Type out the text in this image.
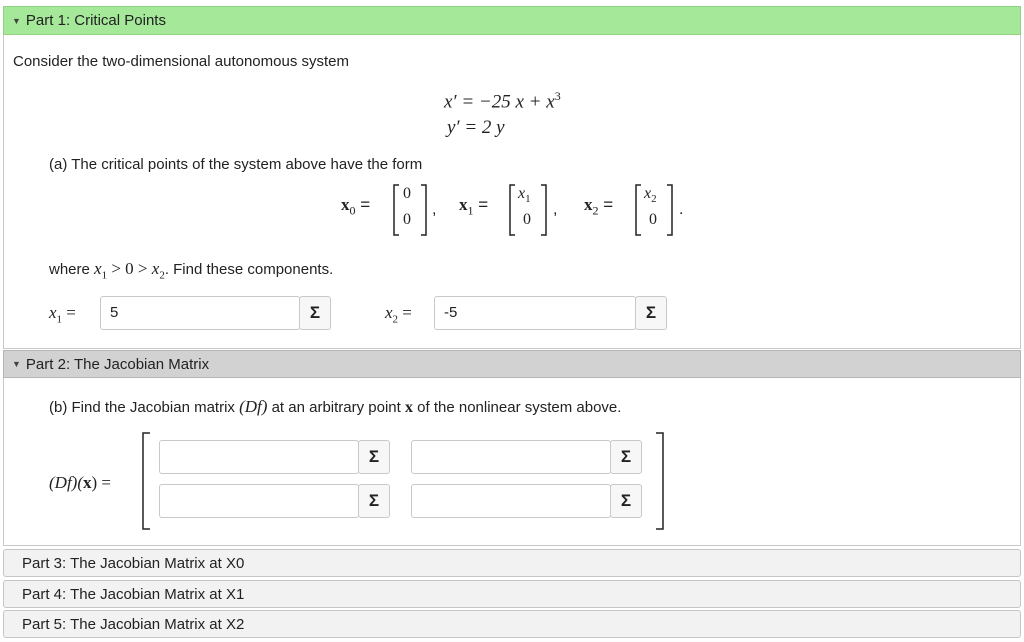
▼ Part 1: Critical Points
Consider the two-dimensional autonomous system
x′ = −25 $x + x^3$
y′ = 2 y
(a) The critical points of the system above have the form
$x_0$ =
0
0
, $x_1$ =
$x_1$
0
, $x_2$ =
$x_2$
0
.
where $x_1 > 0 > x_2$. Find these components.
$x_1$ =	5	Σ	$x_2$ =	-5	Σ
▼ Part 2: The Jacobian Matrix
(b) Find the Jacobian matrix (Df) at an arbitrary point x of the nonlinear system above.
(Df)(x) =
Σ	Σ
Σ	Σ
Part 3: The Jacobian Matrix at X0
Part 4: The Jacobian Matrix at X1
Part 5: The Jacobian Matrix at X2
